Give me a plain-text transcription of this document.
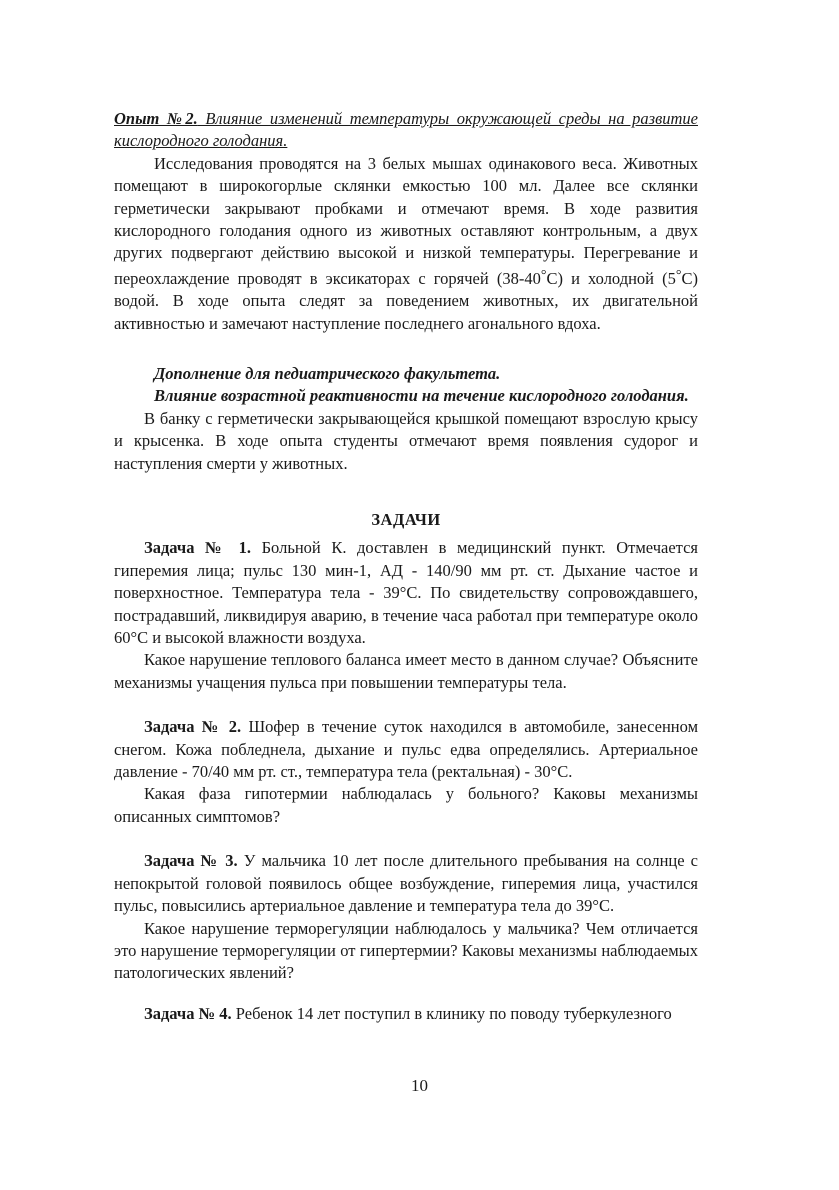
Опыт №2. Влияние изменений температуры окружающей среды на развитие кислородного голодания.

Исследования проводятся на 3 белых мышах одинакового веса. Животных помещают в широкогорлые склянки емкостью 100 мл. Далее все склянки герметически закрывают пробками и отмечают время. В ходе развития кислородного голодания одного из животных оставляют контрольным, а двух других подвергают действию высокой и низкой температуры. Перегревание и переохлаждение проводят в эксикаторах с горячей (38-40°С) и холодной (5°С) водой. В ходе опыта следят за поведением животных, их двигательной активностью и замечают наступление последнего агонального вдоха.

Дополнение для педиатрического факультета.

Влияние возрастной реактивности на течение кислородного голодания.

В банку с герметически закрывающейся крышкой помещают взрослую крысу и крысенка. В ходе опыта студенты отмечают время появления судорог и наступления смерти у животных.

ЗАДАЧИ

Задача № 1. Больной К. доставлен в медицинский пункт. Отмечается гиперемия лица; пульс 130 мин-1, АД - 140/90 мм рт. ст. Дыхание частое и поверхностное. Температура тела - 39°С. По свидетельству сопровождавшего, пострадавший, ликвидируя аварию, в течение часа работал при температуре около 60°С и высокой влажности воздуха.

Какое нарушение теплового баланса имеет место в данном случае? Объясните механизмы учащения пульса при повышении температуры тела.

Задача № 2. Шофер в течение суток находился в автомобиле, занесенном снегом. Кожа побледнела, дыхание и пульс едва определялись. Артериальное давление - 70/40 мм рт. ст., температура тела (ректальная) - 30°С.

Какая фаза гипотермии наблюдалась у больного? Каковы механизмы описанных симптомов?

Задача № 3. У мальчика 10 лет после длительного пребывания на солнце с непокрытой головой появилось общее возбуждение, гиперемия лица, участился пульс, повысились артериальное давление и температура тела до 39°С.

Какое нарушение терморегуляции наблюдалось у мальчика? Чем отличается это нарушение терморегуляции от гипертермии? Каковы механизмы наблюдаемых патологических явлений?

Задача № 4. Ребенок 14 лет поступил в клинику по поводу туберкулезного

10
